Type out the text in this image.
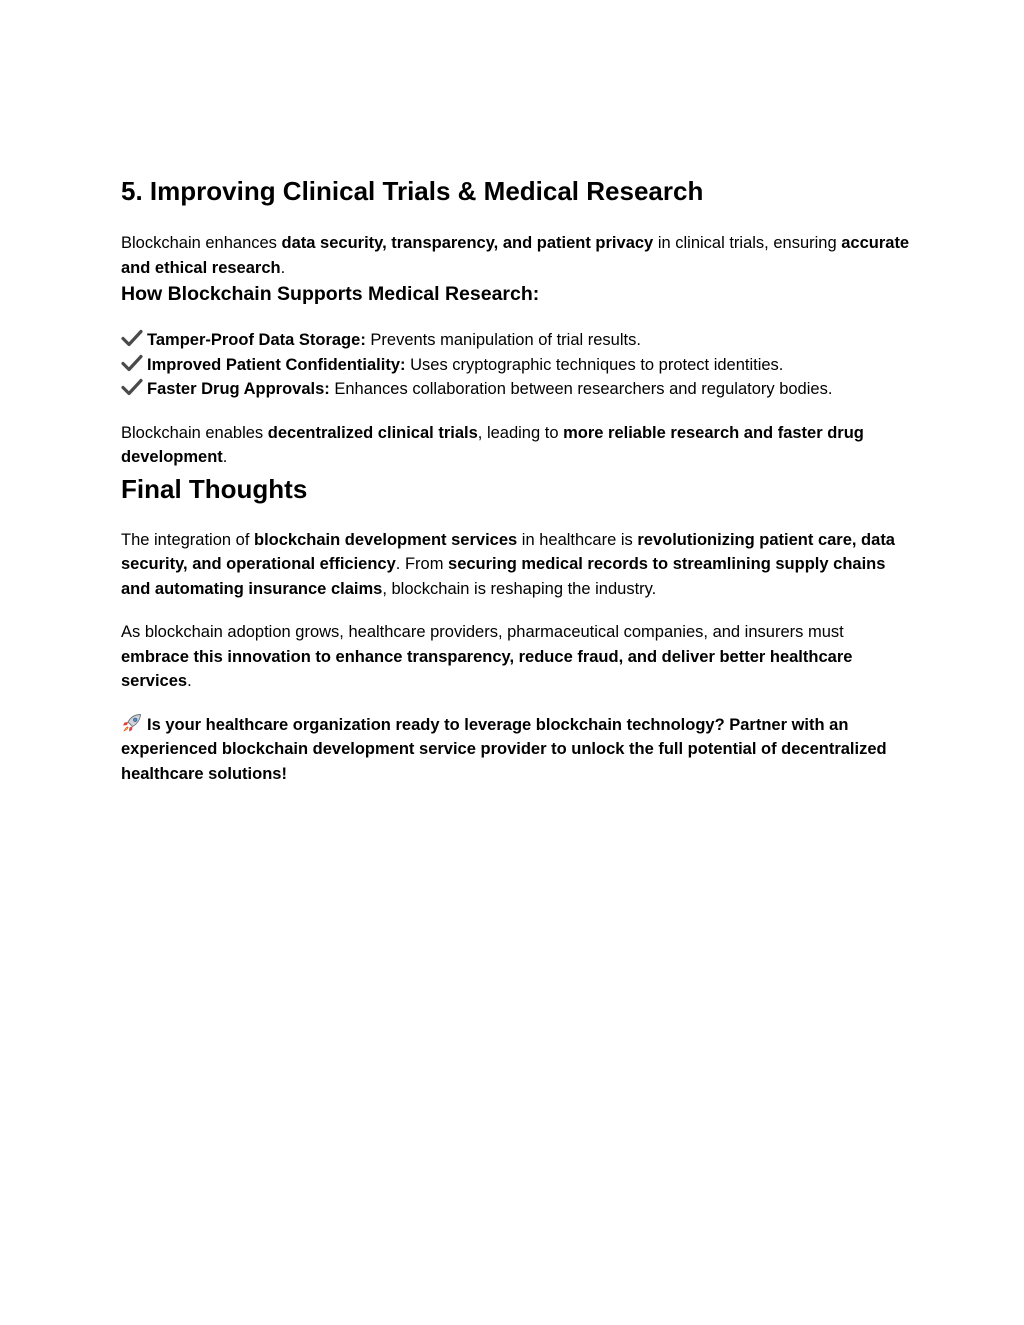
5. Improving Clinical Trials & Medical Research

Blockchain enhances data security, transparency, and patient privacy in clinical trials, ensuring accurate and ethical research.

How Blockchain Supports Medical Research:

Tamper-Proof Data Storage: Prevents manipulation of trial results.
Improved Patient Confidentiality: Uses cryptographic techniques to protect identities.
Faster Drug Approvals: Enhances collaboration between researchers and regulatory bodies.

Blockchain enables decentralized clinical trials, leading to more reliable research and faster drug development.

Final Thoughts

The integration of blockchain development services in healthcare is revolutionizing patient care, data security, and operational efficiency. From securing medical records to streamlining supply chains and automating insurance claims, blockchain is reshaping the industry.

As blockchain adoption grows, healthcare providers, pharmaceutical companies, and insurers must embrace this innovation to enhance transparency, reduce fraud, and deliver better healthcare services.

Is your healthcare organization ready to leverage blockchain technology? Partner with an experienced blockchain development service provider to unlock the full potential of decentralized healthcare solutions!
